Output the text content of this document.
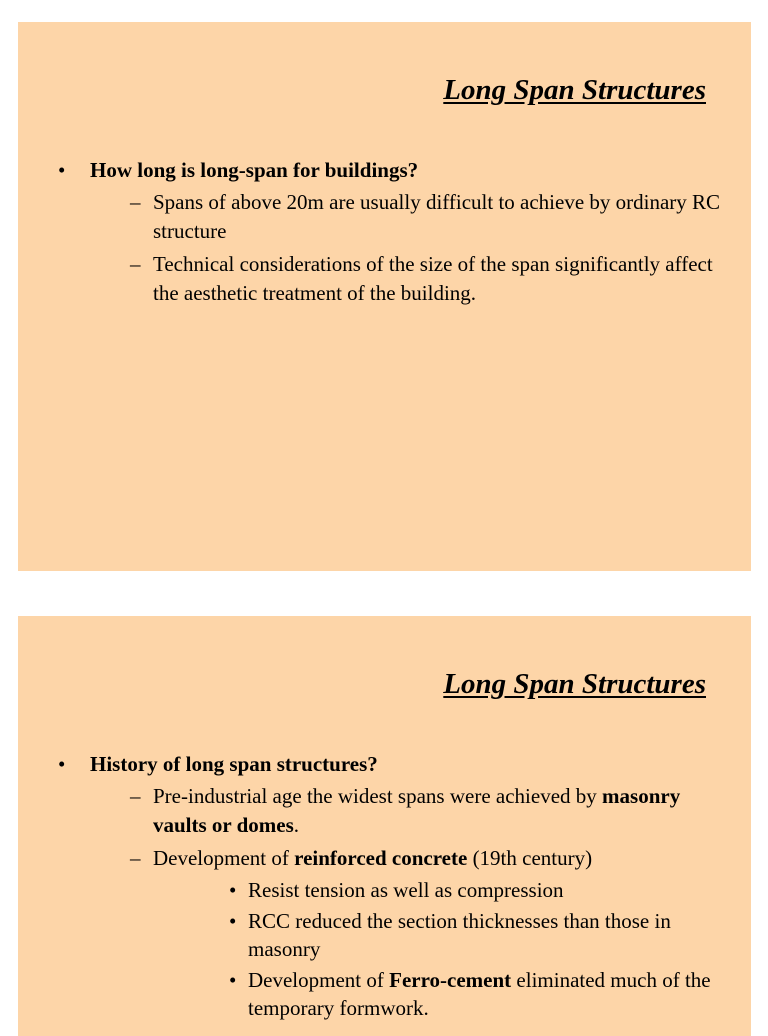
Long Span Structures
• How long is long-span for buildings?
– Spans of above 20m are usually difficult to achieve by ordinary RC structure
– Technical considerations of the size of the span significantly affect the aesthetic treatment of the building.
Long Span Structures
• History of long span structures?
– Pre-industrial age the widest spans were achieved by masonry vaults or domes.
– Development of reinforced concrete (19th century)
• Resist tension as well as compression
• RCC reduced the section thicknesses than those in masonry
• Development of Ferro-cement eliminated much of the temporary formwork.
